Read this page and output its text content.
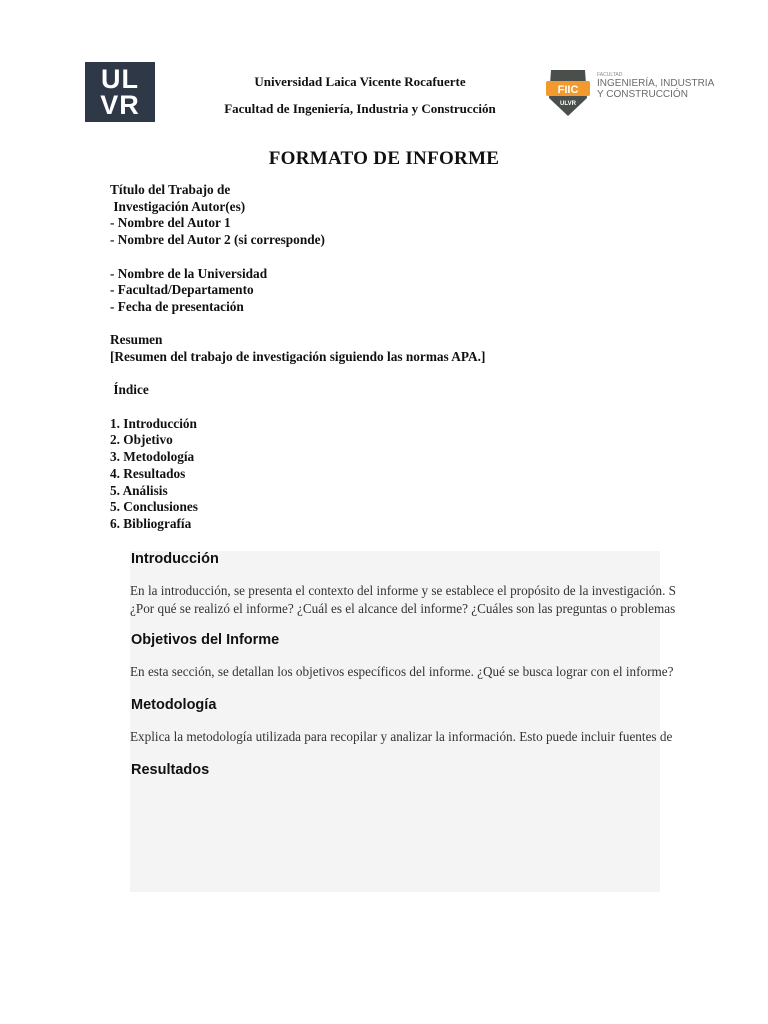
UL
VR
Universidad Laica Vicente Rocafuerte
Facultad de Ingeniería, Industria y Construcción
FIIC
ULVR
FACULTAD
INGENIERÍA, INDUSTRIA
Y CONSTRUCCIÓN
FORMATO DE INFORME
Título del Trabajo de
Investigación Autor(es)
- Nombre del Autor 1
- Nombre del Autor 2 (si corresponde)
- Nombre de la Universidad
- Facultad/Departamento
- Fecha de presentación
Resumen
[Resumen del trabajo de investigación siguiendo las normas APA.]
Índice
1. Introducción
2. Objetivo
3. Metodología
4. Resultados
5. Análisis
5. Conclusiones
6. Bibliografía
Introducción
En la introducción, se presenta el contexto del informe y se establece el propósito de la investigación. S
¿Por qué se realizó el informe? ¿Cuál es el alcance del informe? ¿Cuáles son las preguntas o problemas
Objetivos del Informe
En esta sección, se detallan los objetivos específicos del informe. ¿Qué se busca lograr con el informe?
Metodología
Explica la metodología utilizada para recopilar y analizar la información. Esto puede incluir fuentes de
Resultados
